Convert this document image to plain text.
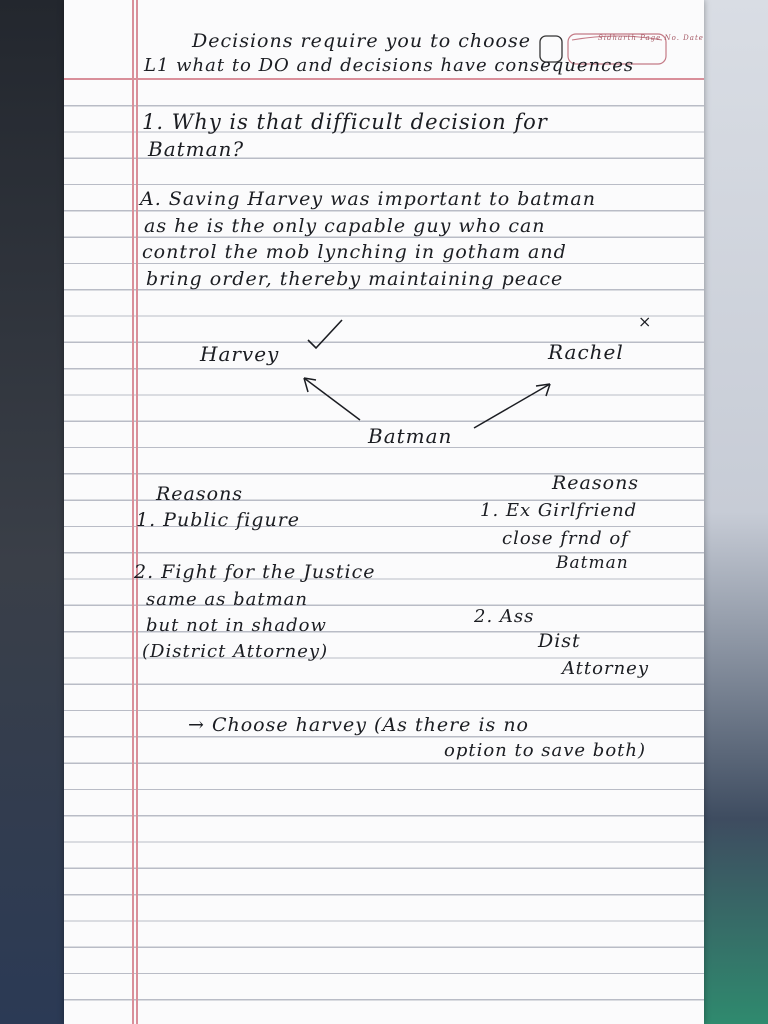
Sidharth Page No. Date
Decisions require you to choose
L1 what to DO and decisions have consequences
1. Why is that difficult decision for
Batman?
A. Saving Harvey was important to batman
as he is the only capable guy who can
control the mob lynching in gotham and
bring order, thereby maintaining peace
Harvey	Rachel
Batman
×
Reasons
1. Public figure
2. Fight for the Justice
same as batman
but not in shadow
(District Attorney)
Reasons
1. Ex Girlfriend
close frnd of
Batman
2. Ass
Dist
Attorney
→ Choose harvey (As there is no
option to save both)
